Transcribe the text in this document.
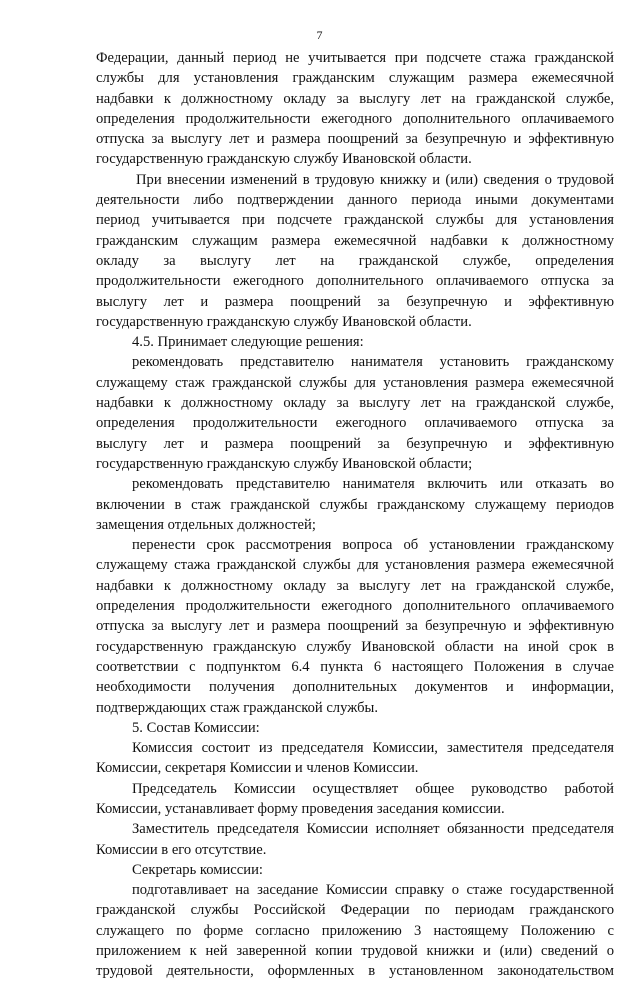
7
Федерации, данный период не учитывается при подсчете стажа гражданской
службы для установления гражданским служащим размера ежемесячной
надбавки к должностному окладу за выслугу лет на гражданской службе,
определения продолжительности ежегодного дополнительного оплачиваемого
отпуска за выслугу лет и размера поощрений за безупречную и эффективную
государственную гражданскую службу Ивановской области.
При внесении изменений в трудовую книжку и (или) сведения о трудовой
деятельности либо подтверждении данного периода иными документами
период учитывается при подсчете гражданской службы для установления
гражданским служащим размера ежемесячной надбавки к должностному
окладу за выслугу лет на гражданской службе, определения
продолжительности ежегодного дополнительного оплачиваемого отпуска за
выслугу лет и размера поощрений за безупречную и эффективную
государственную гражданскую службу Ивановской области.
4.5. Принимает следующие решения:
рекомендовать представителю нанимателя установить гражданскому
служащему стаж гражданской службы для установления размера ежемесячной
надбавки к должностному окладу за выслугу лет на гражданской службе,
определения продолжительности ежегодного оплачиваемого отпуска за
выслугу лет и размера поощрений за безупречную и эффективную
государственную гражданскую службу Ивановской области;
рекомендовать представителю нанимателя включить или отказать во
включении в стаж гражданской службы гражданскому служащему периодов
замещения отдельных должностей;
перенести срок рассмотрения вопроса об установлении гражданскому
служащему стажа гражданской службы для установления размера ежемесячной
надбавки к должностному окладу за выслугу лет на гражданской службе,
определения продолжительности ежегодного дополнительного оплачиваемого
отпуска за выслугу лет и размера поощрений за безупречную и эффективную
государственную гражданскую службу Ивановской области на иной срок в
соответствии с подпунктом 6.4 пункта 6 настоящего Положения в случае
необходимости получения дополнительных документов и информации,
подтверждающих стаж гражданской службы.
5. Состав Комиссии:
Комиссия состоит из председателя Комиссии, заместителя председателя
Комиссии, секретаря Комиссии и членов Комиссии.
Председатель Комиссии осуществляет общее руководство работой
Комиссии, устанавливает форму проведения заседания комиссии.
Заместитель председателя Комиссии исполняет обязанности председателя
Комиссии в его отсутствие.
Секретарь комиссии:
подготавливает на заседание Комиссии справку о стаже государственной
гражданской службы Российской Федерации по периодам гражданского
служащего по форме согласно приложению 3 настоящему Положению с
приложением к ней заверенной копии трудовой книжки и (или) сведений о
трудовой деятельности, оформленных в установленном законодательством
